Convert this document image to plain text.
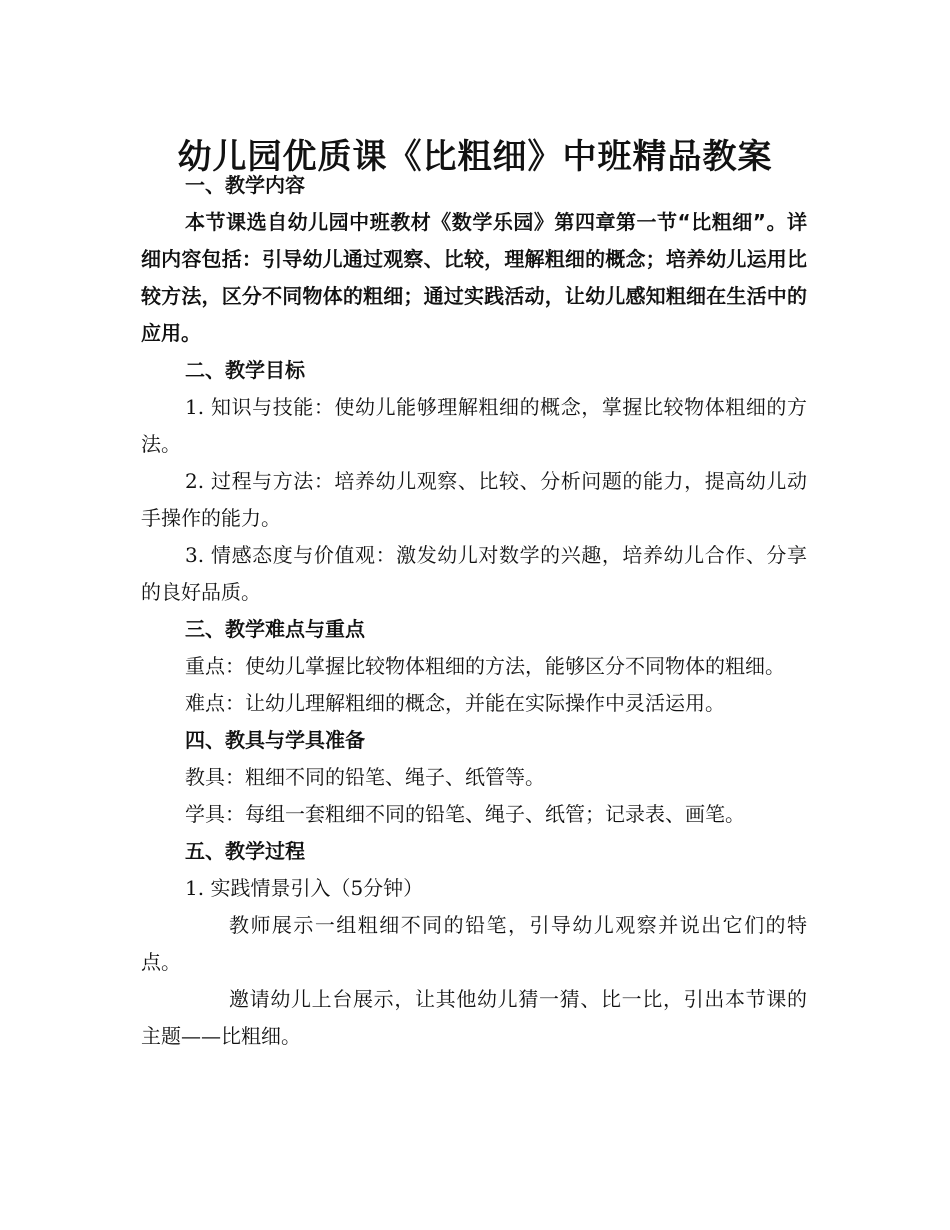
幼儿园优质课《比粗细》中班精品教案

一、教学内容

本节课选自幼儿园中班教材《数学乐园》第四章第一节“比粗细”。详细内容包括：引导幼儿通过观察、比较，理解粗细的概念；培养幼儿运用比较方法，区分不同物体的粗细；通过实践活动，让幼儿感知粗细在生活中的应用。

二、教学目标

1. 知识与技能：使幼儿能够理解粗细的概念，掌握比较物体粗细的方法。

2. 过程与方法：培养幼儿观察、比较、分析问题的能力，提高幼儿动手操作的能力。

3. 情感态度与价值观：激发幼儿对数学的兴趣，培养幼儿合作、分享的良好品质。

三、教学难点与重点

重点：使幼儿掌握比较物体粗细的方法，能够区分不同物体的粗细。

难点：让幼儿理解粗细的概念，并能在实际操作中灵活运用。

四、教具与学具准备

教具：粗细不同的铅笔、绳子、纸管等。

学具：每组一套粗细不同的铅笔、绳子、纸管；记录表、画笔。

五、教学过程

1. 实践情景引入（5分钟）

教师展示一组粗细不同的铅笔，引导幼儿观察并说出它们的特点。

邀请幼儿上台展示，让其他幼儿猜一猜、比一比，引出本节课的主题——比粗细。
